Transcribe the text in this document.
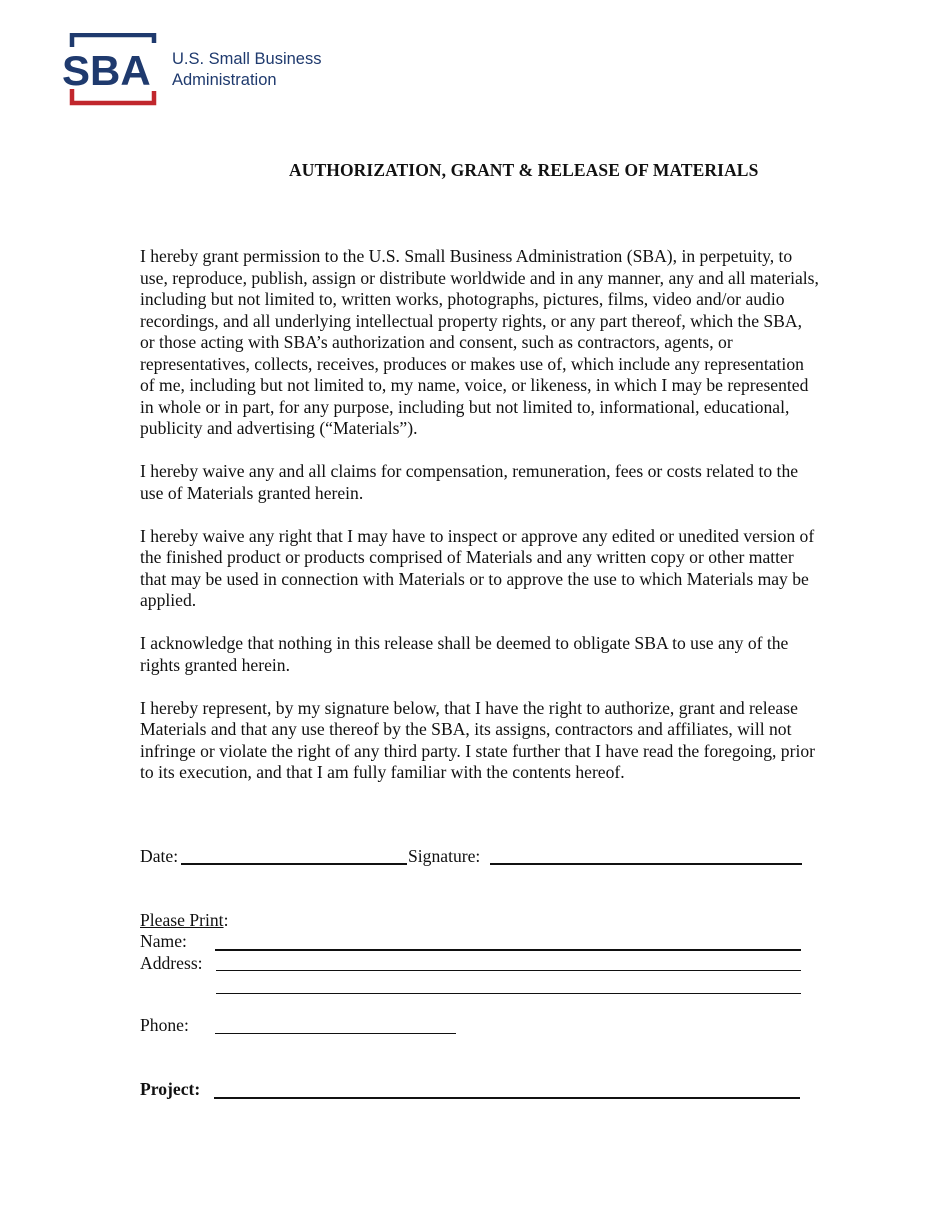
SBA U.S. Small Business
Administration
AUTHORIZATION, GRANT & RELEASE OF MATERIALS

I hereby grant permission to the U.S. Small Business Administration (SBA), in perpetuity, to use, reproduce, publish, assign or distribute worldwide and in any manner, any and all materials, including but not limited to, written works, photographs, pictures, films, video and/or audio recordings, and all underlying intellectual property rights, or any part thereof, which the SBA, or those acting with SBA’s authorization and consent, such as contractors, agents, or representatives, collects, receives, produces or makes use of, which include any representation of me, including but not limited to, my name, voice, or likeness, in which I may be represented in whole or in part, for any purpose, including but not limited to, informational, educational, publicity and advertising (“Materials”).

I hereby waive any and all claims for compensation, remuneration, fees or costs related to the use of Materials granted herein.

I hereby waive any right that I may have to inspect or approve any edited or unedited version of the finished product or products comprised of Materials and any written copy or other matter that may be used in connection with Materials or to approve the use to which Materials may be applied.

I acknowledge that nothing in this release shall be deemed to obligate SBA to use any of the rights granted herein.

I hereby represent, by my signature below, that I have the right to authorize, grant and release Materials and that any use thereof by the SBA, its assigns, contractors and affiliates, will not infringe or violate the right of any third party. I state further that I have read the foregoing, prior to its execution, and that I am fully familiar with the contents hereof.

Date:	Signature:
Please Print:
Name:
Address:
Phone:
Project:
